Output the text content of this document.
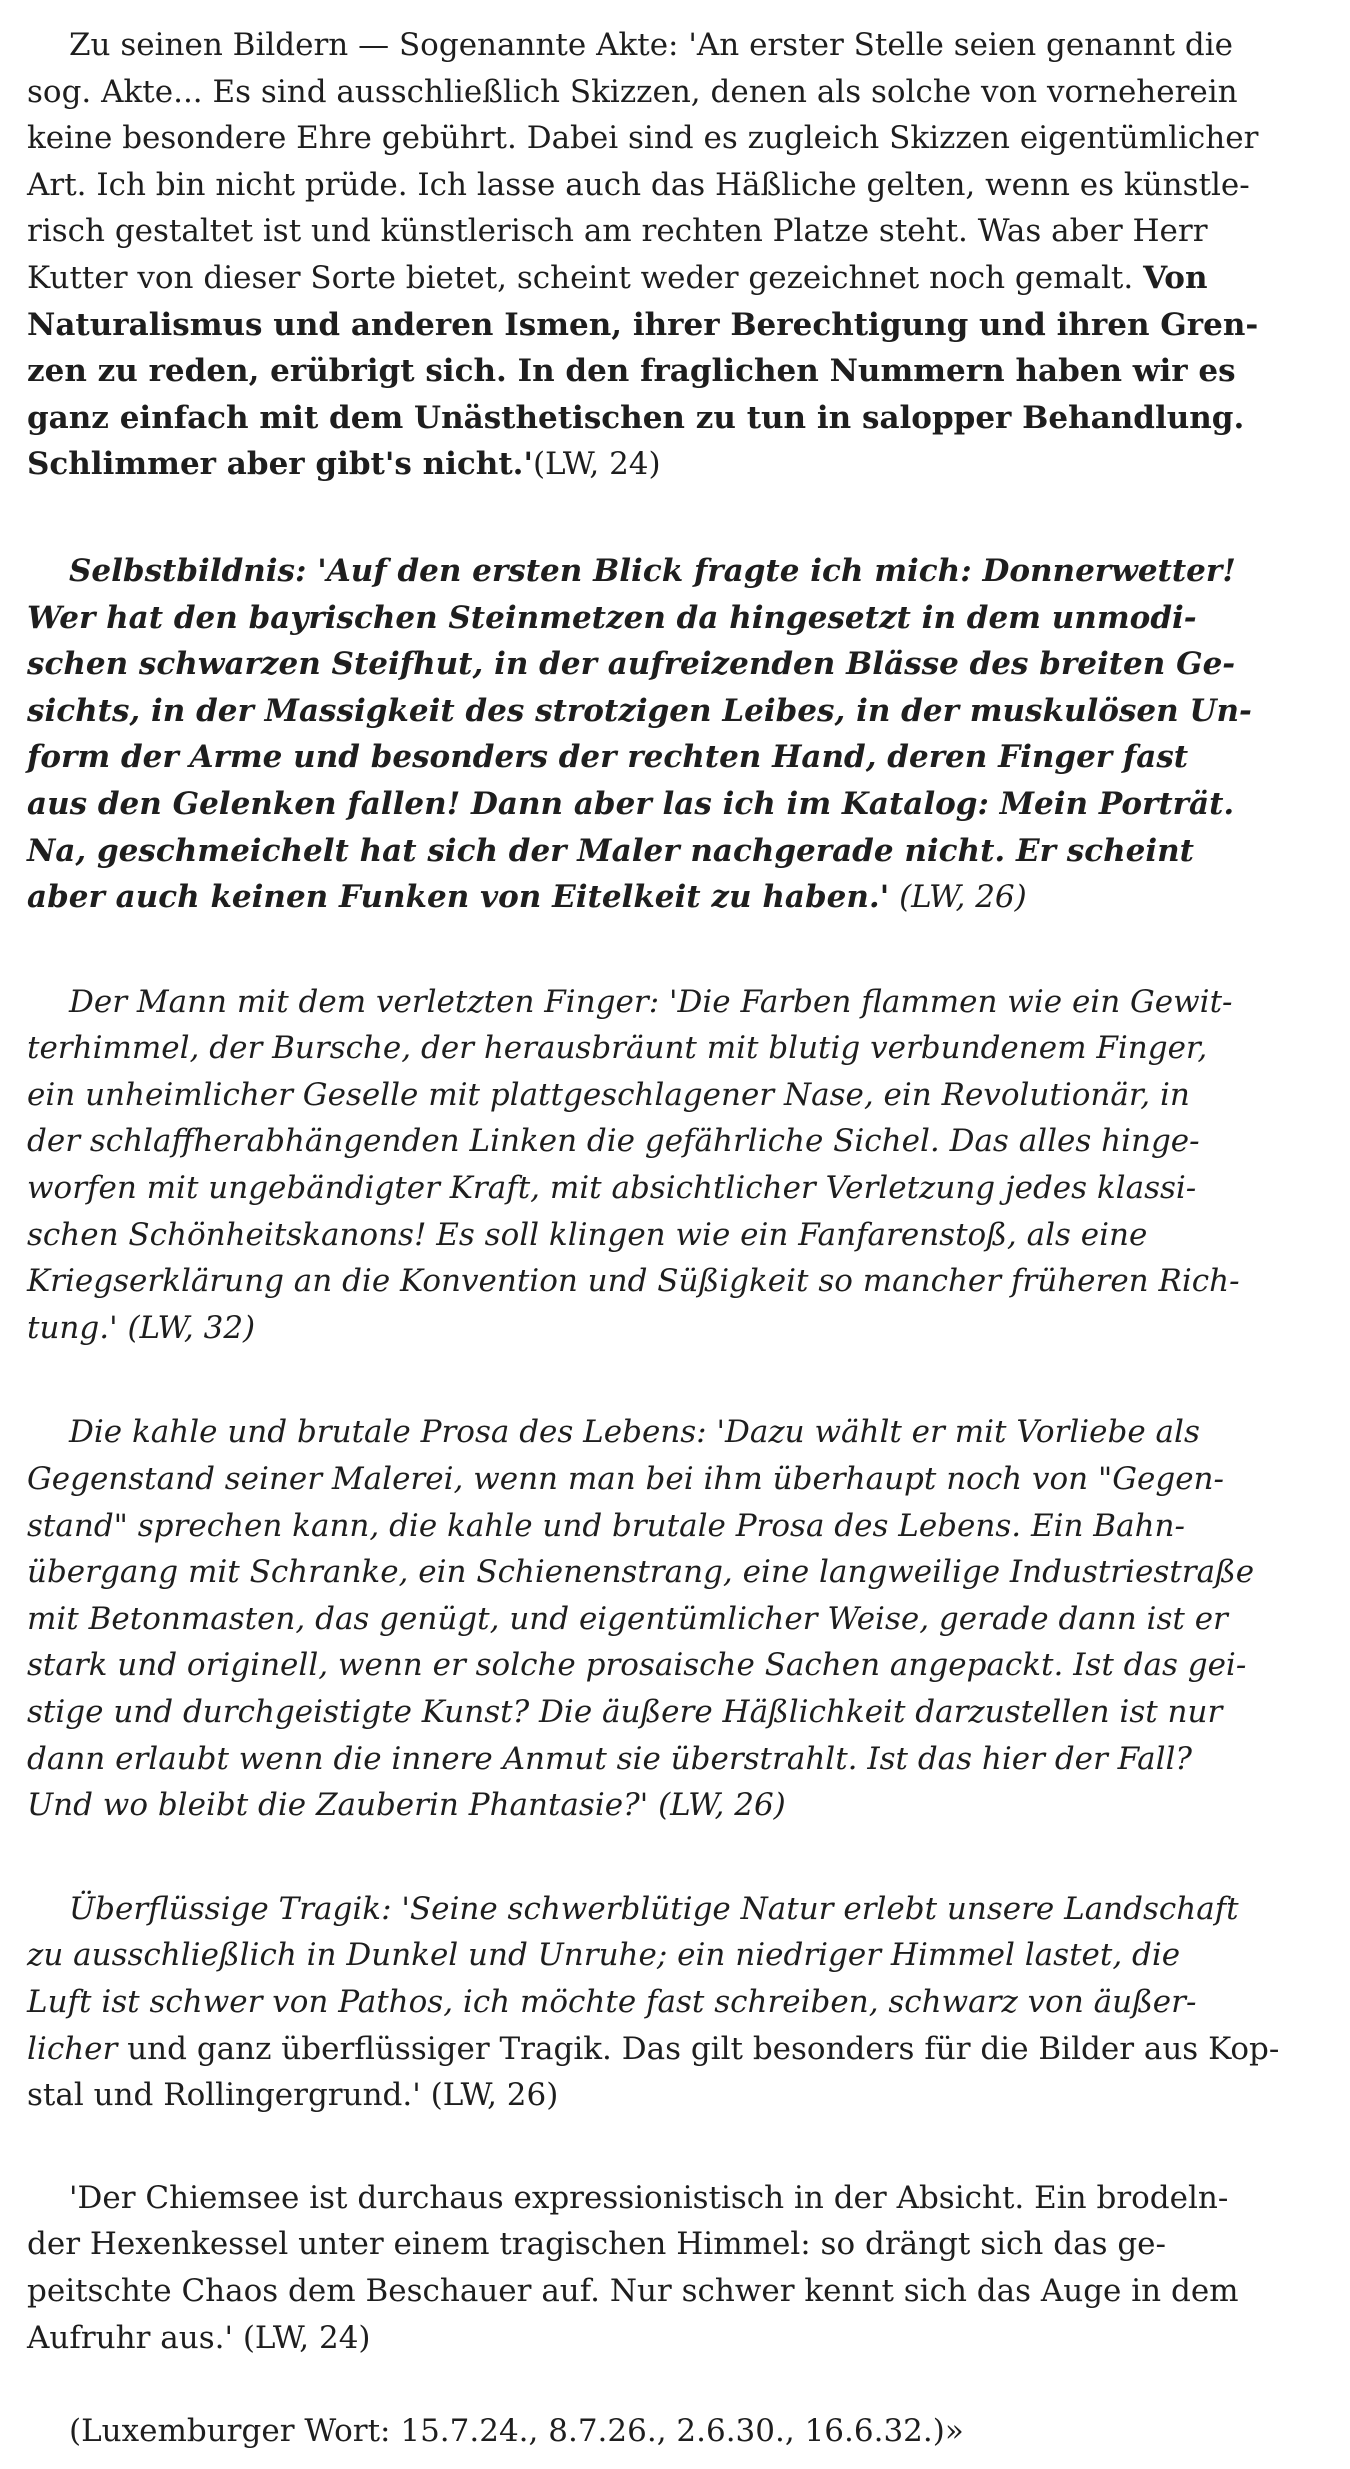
Zu seinen Bildern — Sogenannte Akte: 'An erster Stelle seien genannt die
sog. Akte... Es sind ausschließlich Skizzen, denen als solche von vorneherein
keine besondere Ehre gebührt. Dabei sind es zugleich Skizzen eigentümlicher
Art. Ich bin nicht prüde. Ich lasse auch das Häßliche gelten, wenn es künstle-
risch gestaltet ist und künstlerisch am rechten Platze steht. Was aber Herr
Kutter von dieser Sorte bietet, scheint weder gezeichnet noch gemalt. Von
Naturalismus und anderen Ismen, ihrer Berechtigung und ihren Gren-
zen zu reden, erübrigt sich. In den fraglichen Nummern haben wir es
ganz einfach mit dem Unästhetischen zu tun in salopper Behandlung.
Schlimmer aber gibt's nicht.'(LW, 24)

Selbstbildnis: 'Auf den ersten Blick fragte ich mich: Donnerwetter!
Wer hat den bayrischen Steinmetzen da hingesetzt in dem unmodi-
schen schwarzen Steifhut, in der aufreizenden Blässe des breiten Ge-
sichts, in der Massigkeit des strotzigen Leibes, in der muskulösen Un-
form der Arme und besonders der rechten Hand, deren Finger fast
aus den Gelenken fallen! Dann aber las ich im Katalog: Mein Porträt.
Na, geschmeichelt hat sich der Maler nachgerade nicht. Er scheint
aber auch keinen Funken von Eitelkeit zu haben.' (LW, 26)

Der Mann mit dem verletzten Finger: 'Die Farben flammen wie ein Gewit-
terhimmel, der Bursche, der herausbräunt mit blutig verbundenem Finger,
ein unheimlicher Geselle mit plattgeschlagener Nase, ein Revolutionär, in
der schlaffherabhängenden Linken die gefährliche Sichel. Das alles hinge-
worfen mit ungebändigter Kraft, mit absichtlicher Verletzung jedes klassi-
schen Schönheitskanons! Es soll klingen wie ein Fanfarenstoß, als eine
Kriegserklärung an die Konvention und Süßigkeit so mancher früheren Rich-
tung.' (LW, 32)

Die kahle und brutale Prosa des Lebens: 'Dazu wählt er mit Vorliebe als
Gegenstand seiner Malerei, wenn man bei ihm überhaupt noch von "Gegen-
stand" sprechen kann, die kahle und brutale Prosa des Lebens. Ein Bahn-
übergang mit Schranke, ein Schienenstrang, eine langweilige Industriestraße
mit Betonmasten, das genügt, und eigentümlicher Weise, gerade dann ist er
stark und originell, wenn er solche prosaische Sachen angepackt. Ist das gei-
stige und durchgeistigte Kunst? Die äußere Häßlichkeit darzustellen ist nur
dann erlaubt wenn die innere Anmut sie überstrahlt. Ist das hier der Fall?
Und wo bleibt die Zauberin Phantasie?' (LW, 26)

Überflüssige Tragik: 'Seine schwerblütige Natur erlebt unsere Landschaft
zu ausschließlich in Dunkel und Unruhe; ein niedriger Himmel lastet, die
Luft ist schwer von Pathos, ich möchte fast schreiben, schwarz von äußer-
licher und ganz überflüssiger Tragik. Das gilt besonders für die Bilder aus Kop-
stal und Rollingergrund.' (LW, 26)

'Der Chiemsee ist durchaus expressionistisch in der Absicht. Ein brodeln-
der Hexenkessel unter einem tragischen Himmel: so drängt sich das ge-
peitschte Chaos dem Beschauer auf. Nur schwer kennt sich das Auge in dem
Aufruhr aus.' (LW, 24)

(Luxemburger Wort: 15.7.24., 8.7.26., 2.6.30., 16.6.32.)»
